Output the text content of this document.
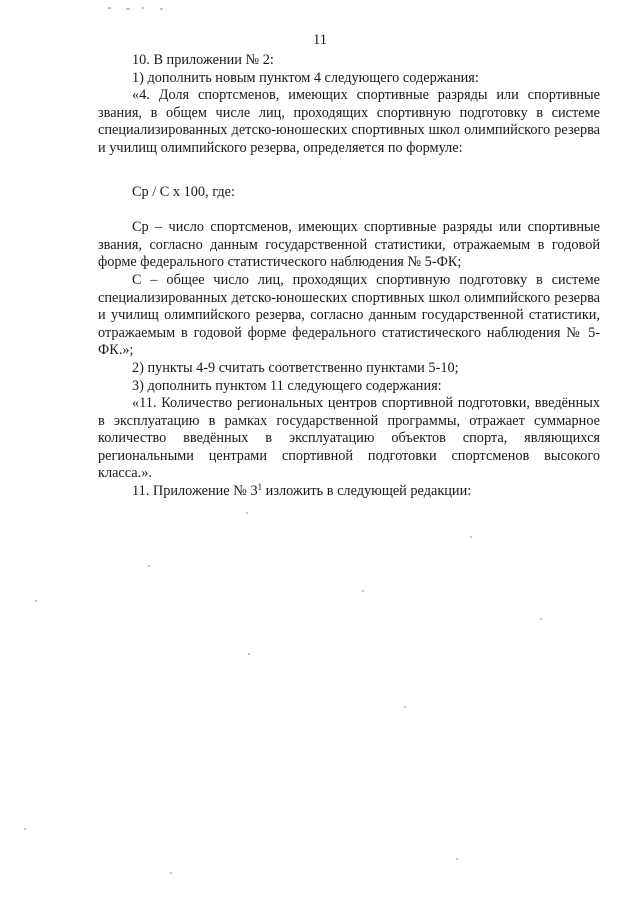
11

10. В приложении № 2:

1) дополнить новым пунктом 4 следующего содержания:

«4. Доля спортсменов, имеющих спортивные разряды или спортивные звания, в общем числе лиц, проходящих спортивную подготовку в системе специализированных детско-юношеских спортивных школ олимпийского резерва и училищ олимпийского резерва, определяется по формуле:

Ср / С х 100, где:

Ср – число спортсменов, имеющих спортивные разряды или спортивные звания, согласно данным государственной статистики, отражаемым в годовой форме федерального статистического наблюдения № 5-ФК;

С – общее число лиц, проходящих спортивную подготовку в системе специализированных детско-юношеских спортивных школ олимпийского резерва и училищ олимпийского резерва, согласно данным государственной статистики, отражаемым в годовой форме федерального статистического наблюдения № 5-ФК.»;

2) пункты 4-9 считать соответственно пунктами 5-10;

3) дополнить пунктом 11 следующего содержания:

«11. Количество региональных центров спортивной подготовки, введённых в эксплуатацию в рамках государственной программы, отражает суммарное количество введённых в эксплуатацию объектов спорта, являющихся региональными центрами спортивной подготовки спортсменов высокого класса.».

11. Приложение № $3^1$ изложить в следующей редакции:
